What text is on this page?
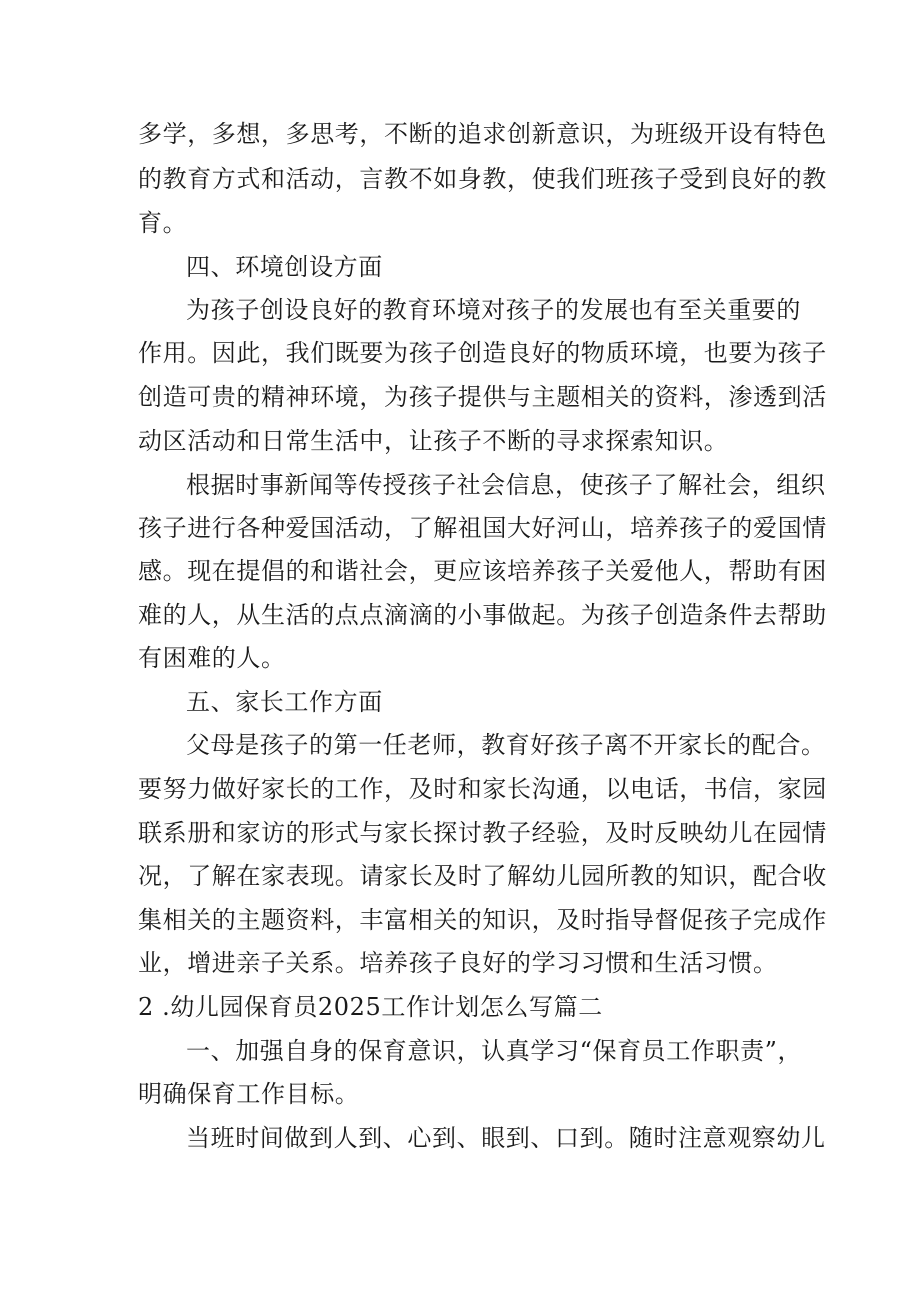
多学，多想，多思考，不断的追求创新意识，为班级开设有特色
的教育方式和活动，言教不如身教，使我们班孩子受到良好的教
育。
四、环境创设方面
为孩子创设良好的教育环境对孩子的发展也有至关重要的
作用。因此，我们既要为孩子创造良好的物质环境，也要为孩子
创造可贵的精神环境，为孩子提供与主题相关的资料，渗透到活
动区活动和日常生活中，让孩子不断的寻求探索知识。
根据时事新闻等传授孩子社会信息，使孩子了解社会，组织
孩子进行各种爱国活动，了解祖国大好河山，培养孩子的爱国情
感。现在提倡的和谐社会，更应该培养孩子关爱他人，帮助有困
难的人，从生活的点点滴滴的小事做起。为孩子创造条件去帮助
有困难的人。
五、家长工作方面
父母是孩子的第一任老师，教育好孩子离不开家长的配合。
要努力做好家长的工作，及时和家长沟通，以电话，书信，家园
联系册和家访的形式与家长探讨教子经验，及时反映幼儿在园情
况，了解在家表现。请家长及时了解幼儿园所教的知识，配合收
集相关的主题资料，丰富相关的知识，及时指导督促孩子完成作
业，增进亲子关系。培养孩子良好的学习习惯和生活习惯。
2 .幼儿园保育员2025工作计划怎么写篇二
一、加强自身的保育意识，认真学习“保育员工作职责”，
明确保育工作目标。
当班时间做到人到、心到、眼到、口到。随时注意观察幼儿
